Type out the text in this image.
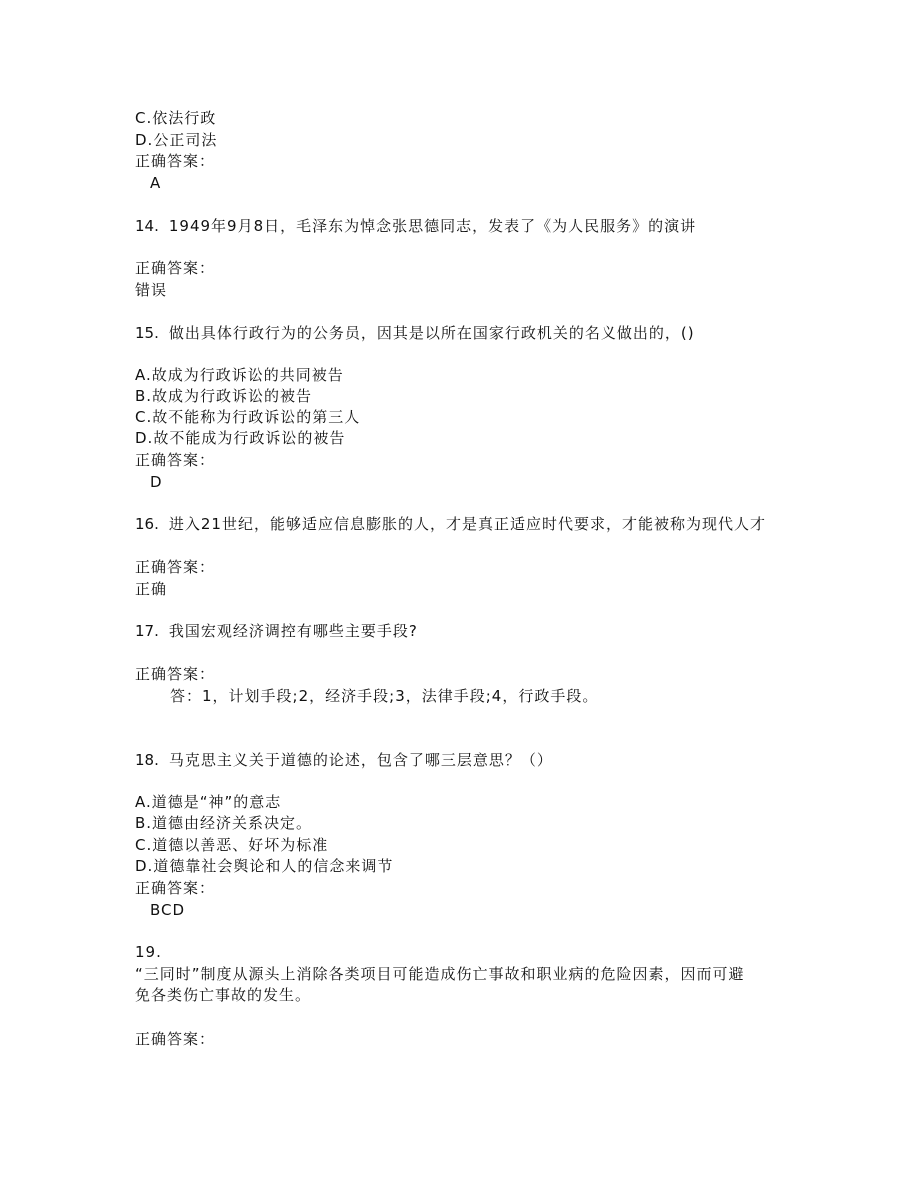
C.依法行政
D.公正司法
正确答案：
A
14. 1949年9月8日，毛泽东为悼念张思德同志，发表了《为人民服务》的演讲
正确答案：
错误
15. 做出具体行政行为的公务员，因其是以所在国家行政机关的名义做出的，()
A.故成为行政诉讼的共同被告
B.故成为行政诉讼的被告
C.故不能称为行政诉讼的第三人
D.故不能成为行政诉讼的被告
正确答案：
D
16. 进入21世纪，能够适应信息膨胀的人，才是真正适应时代要求，才能被称为现代人才
正确答案：
正确
17. 我国宏观经济调控有哪些主要手段?
正确答案：
答：1，计划手段;2，经济手段;3，法律手段;4，行政手段。
18. 马克思主义关于道德的论述，包含了哪三层意思？（）
A.道德是“神”的意志
B.道德由经济关系决定。
C.道德以善恶、好坏为标准
D.道德靠社会舆论和人的信念来调节
正确答案：
BCD
19.
“三同时”制度从源头上消除各类项目可能造成伤亡事故和职业病的危险因素，因而可避
免各类伤亡事故的发生。
正确答案：
